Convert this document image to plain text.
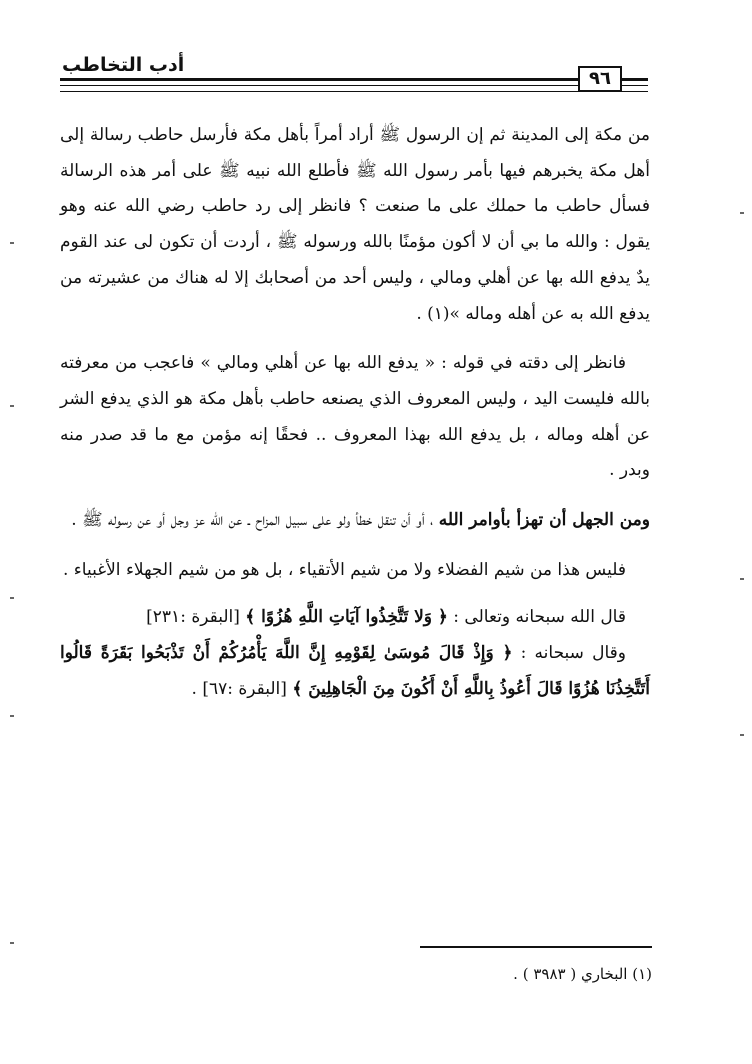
أدب التخاطب
٩٦

من مكة إلى المدينة ثم إن الرسول ﷺ أراد أمراً بأهل مكة فأرسل حاطب رسالة إلى أهل مكة يخبرهم فيها بأمر رسول الله ﷺ فأطلع الله نبيه ﷺ على أمر هذه الرسالة فسأل حاطب ما حملك على ما صنعت ؟ فانظر إلى رد حاطب رضي الله عنه وهو يقول : والله ما بي أن لا أكون مؤمنًا بالله ورسوله ﷺ ، أردت أن تكون لى عند القوم يدٌ يدفع الله بها عن أهلي ومالي ، وليس أحد من أصحابك إلا له هناك من عشيرته من يدفع الله به عن أهله وماله »(١) .

فانظر إلى دقته في قوله : « يدفع الله بها عن أهلي ومالي » فاعجب من معرفته بالله فليست اليد ، وليس المعروف الذي يصنعه حاطب بأهل مكة هو الذي يدفع الشر عن أهله وماله ، بل يدفع الله بهذا المعروف .. فحقًا إنه مؤمن مع ما قد صدر منه وبدر .

ومن الجهل أن تهزأ بأوامر الله ، أو أن تنقل خطأ ولو على سبيل المزاح ـ عن الله عز وجل أو عن رسوله ﷺ .

فليس هذا من شيم الفضلاء ولا من شيم الأتقياء ، بل هو من شيم الجهلاء الأغبياء .

قال الله سبحانه وتعالى : ﴿ وَلا تَتَّخِذُوا آيَاتِ اللَّهِ هُزُوًا ﴾ [البقرة :٢٣١]

وقال سبحانه : ﴿ وَإِذْ قَالَ مُوسَىٰ لِقَوْمِهِ إِنَّ اللَّهَ يَأْمُرُكُمْ أَنْ تَذْبَحُوا بَقَرَةً قَالُوا أَتَتَّخِذُنَا هُزُوًا قَالَ أَعُوذُ بِاللَّهِ أَنْ أَكُونَ مِنَ الْجَاهِلِينَ ﴾ [البقرة :٦٧] .

(١) البخاري ( ٣٩٨٣ ) .
